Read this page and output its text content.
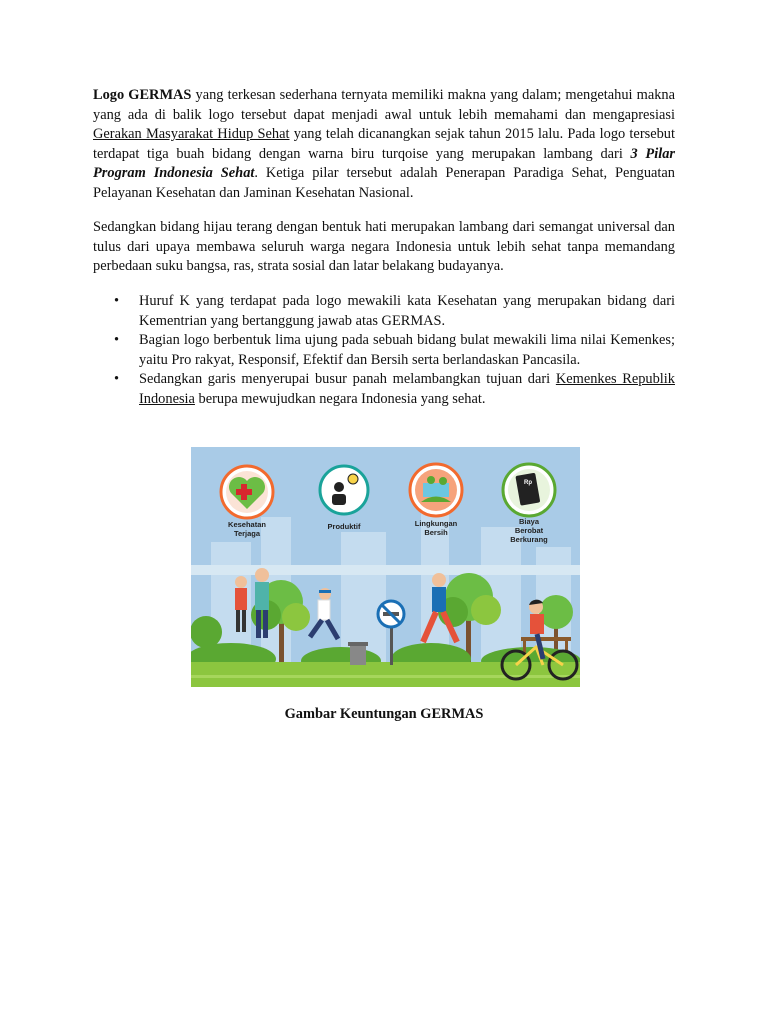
Logo GERMAS yang terkesan sederhana ternyata memiliki makna yang dalam; mengetahui makna yang ada di balik logo tersebut dapat menjadi awal untuk lebih memahami dan mengapresiasi Gerakan Masyarakat Hidup Sehat yang telah dicanangkan sejak tahun 2015 lalu. Pada logo tersebut terdapat tiga buah bidang dengan warna biru turqoise yang merupakan lambang dari 3 Pilar Program Indonesia Sehat. Ketiga pilar tersebut adalah Penerapan Paradiga Sehat, Penguatan Pelayanan Kesehatan dan Jaminan Kesehatan Nasional.
Sedangkan bidang hijau terang dengan bentuk hati merupakan lambang dari semangat universal dan tulus dari upaya membawa seluruh warga negara Indonesia untuk lebih sehat tanpa memandang perbedaan suku bangsa, ras, strata sosial dan latar belakang budayanya.
• Huruf K yang terdapat pada logo mewakili kata Kesehatan yang merupakan bidang dari Kementrian yang bertanggung jawab atas GERMAS.
• Bagian logo berbentuk lima ujung pada sebuah bidang bulat mewakili lima nilai Kemenkes; yaitu Pro rakyat, Responsif, Efektif dan Bersih serta berlandaskan Pancasila.
• Sedangkan garis menyerupai busur panah melambangkan tujuan dari Kemenkes Republik Indonesia berupa mewujudkan negara Indonesia yang sehat.
Rp
Kesehatan
Terjaga
Produktif	Lingkungan
Bersih
Biaya
Berobat
Berkurang
Gambar Keuntungan GERMAS
